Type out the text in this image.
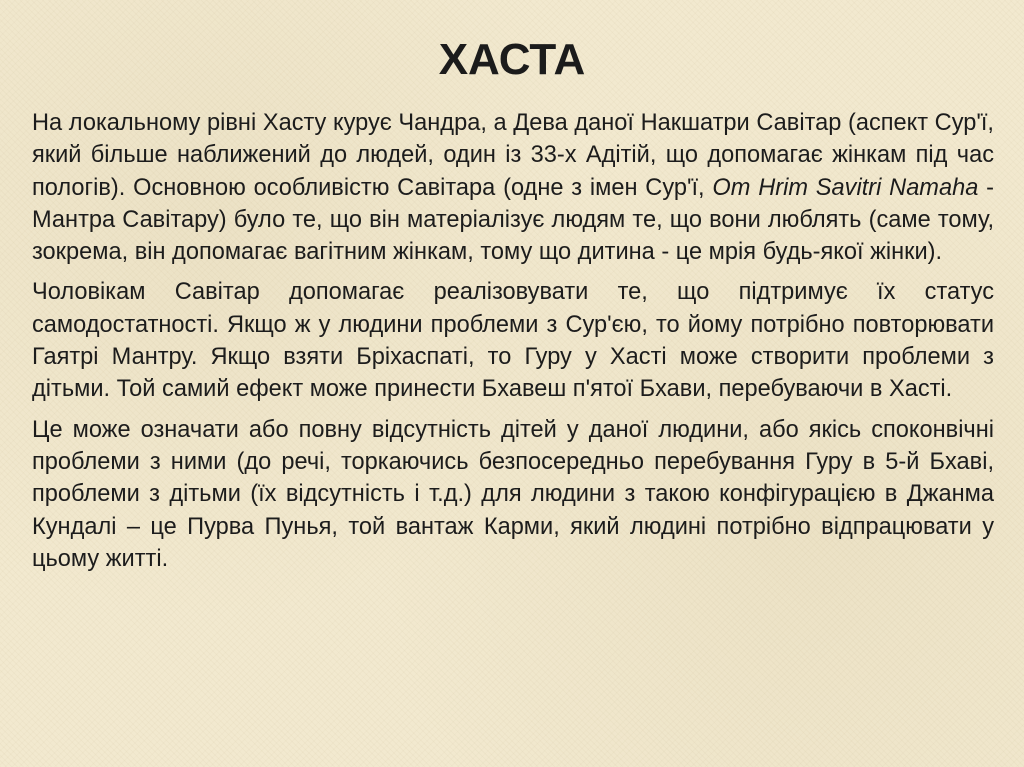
ХАСТА

На локальному рівні Хасту курує Чандра, а Дева даної Накшатри Савітар (аспект Сур'ї, який більше наближений до людей, один із 33-х Адітій, що допомагає жінкам під час пологів). Основною особливістю Савітара (одне з імен Сур'ї, Om Hrim Savitri Namaha - Мантра Савітару) було те, що він матеріалізує людям те, що вони люблять (саме тому, зокрема, він допомагає вагітним жінкам, тому що дитина - це мрія будь-якої жінки).

Чоловікам Савітар допомагає реалізовувати те, що підтримує їх статус самодостатності. Якщо ж у людини проблеми з Сур'єю, то йому потрібно повторювати Гаятрі Мантру. Якщо взяти Бріхаспаті, то Гуру у Хасті може створити проблеми з дітьми. Той самий ефект може принести Бхавеш п'ятої Бхави, перебуваючи в Хасті.

Це може означати або повну відсутність дітей у даної людини, або якісь споконвічні проблеми з ними (до речі, торкаючись безпосередньо перебування Гуру в 5-й Бхаві, проблеми з дітьми (їх відсутність і т.д.) для людини з такою конфігурацією в Джанма Кундалі – це Пурва Пунья, той вантаж Карми, який людині потрібно відпрацювати у цьому житті.
